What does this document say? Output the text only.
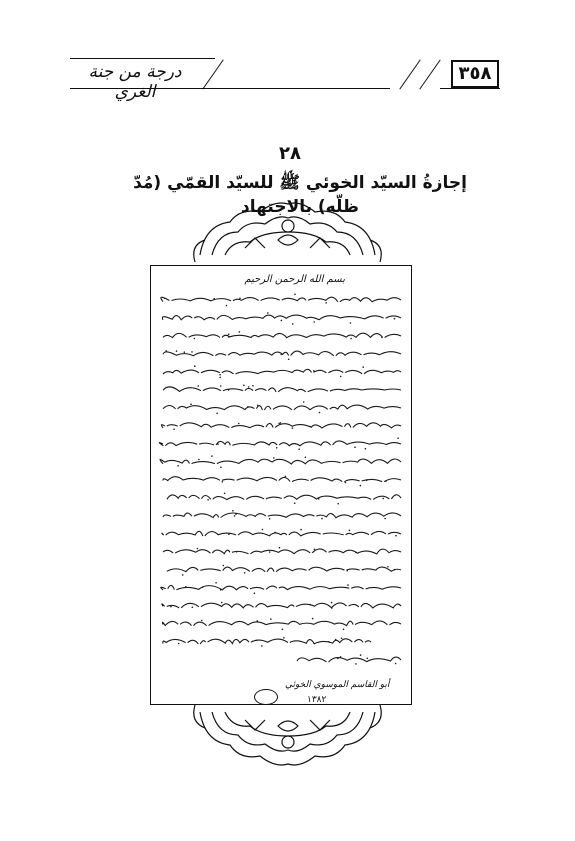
٣٥٨
درجة من جنة الغري
٢٨
إجازةُ السيّد الخوئي ﷺ للسيّد القمّي (مُدّ ظلّه) بالاجتهاد
بسم الله الرحمن الرحيم
أبو القاسم الموسوي الخوئي
١٣٨٢
